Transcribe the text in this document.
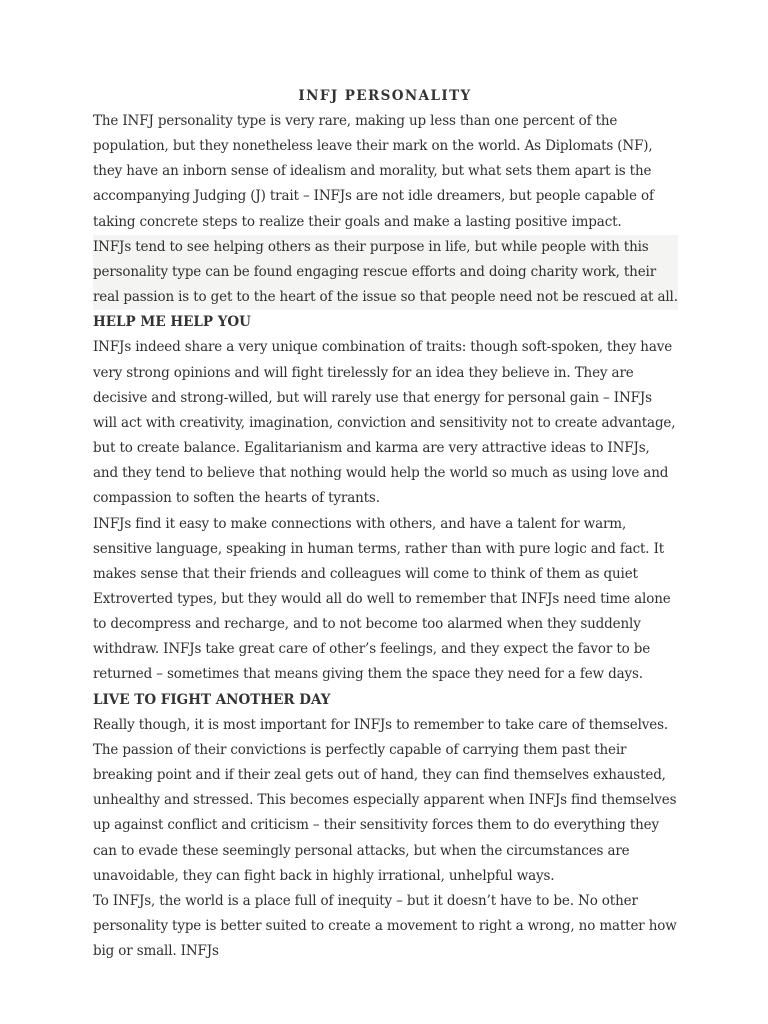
INFJ PERSONALITY

The INFJ personality type is very rare, making up less than one percent of the population, but they nonetheless leave their mark on the world. As Diplomats (NF), they have an inborn sense of idealism and morality, but what sets them apart is the accompanying Judging (J) trait – INFJs are not idle dreamers, but people capable of taking concrete steps to realize their goals and make a lasting positive impact.

INFJs tend to see helping others as their purpose in life, but while people with this personality type can be found engaging rescue efforts and doing charity work, their real passion is to get to the heart of the issue so that people need not be rescued at all.

HELP ME HELP YOU

INFJs indeed share a very unique combination of traits: though soft-spoken, they have very strong opinions and will fight tirelessly for an idea they believe in. They are decisive and strong-willed, but will rarely use that energy for personal gain – INFJs will act with creativity, imagination, conviction and sensitivity not to create advantage, but to create balance. Egalitarianism and karma are very attractive ideas to INFJs, and they tend to believe that nothing would help the world so much as using love and compassion to soften the hearts of tyrants.

INFJs find it easy to make connections with others, and have a talent for warm, sensitive language, speaking in human terms, rather than with pure logic and fact. It makes sense that their friends and colleagues will come to think of them as quiet Extroverted types, but they would all do well to remember that INFJs need time alone to decompress and recharge, and to not become too alarmed when they suddenly withdraw. INFJs take great care of other’s feelings, and they expect the favor to be returned – sometimes that means giving them the space they need for a few days.

LIVE TO FIGHT ANOTHER DAY

Really though, it is most important for INFJs to remember to take care of themselves. The passion of their convictions is perfectly capable of carrying them past their breaking point and if their zeal gets out of hand, they can find themselves exhausted, unhealthy and stressed. This becomes especially apparent when INFJs find themselves up against conflict and criticism – their sensitivity forces them to do everything they can to evade these seemingly personal attacks, but when the circumstances are unavoidable, they can fight back in highly irrational, unhelpful ways.

To INFJs, the world is a place full of inequity – but it doesn’t have to be. No other personality type is better suited to create a movement to right a wrong, no matter how big or small. INFJs
